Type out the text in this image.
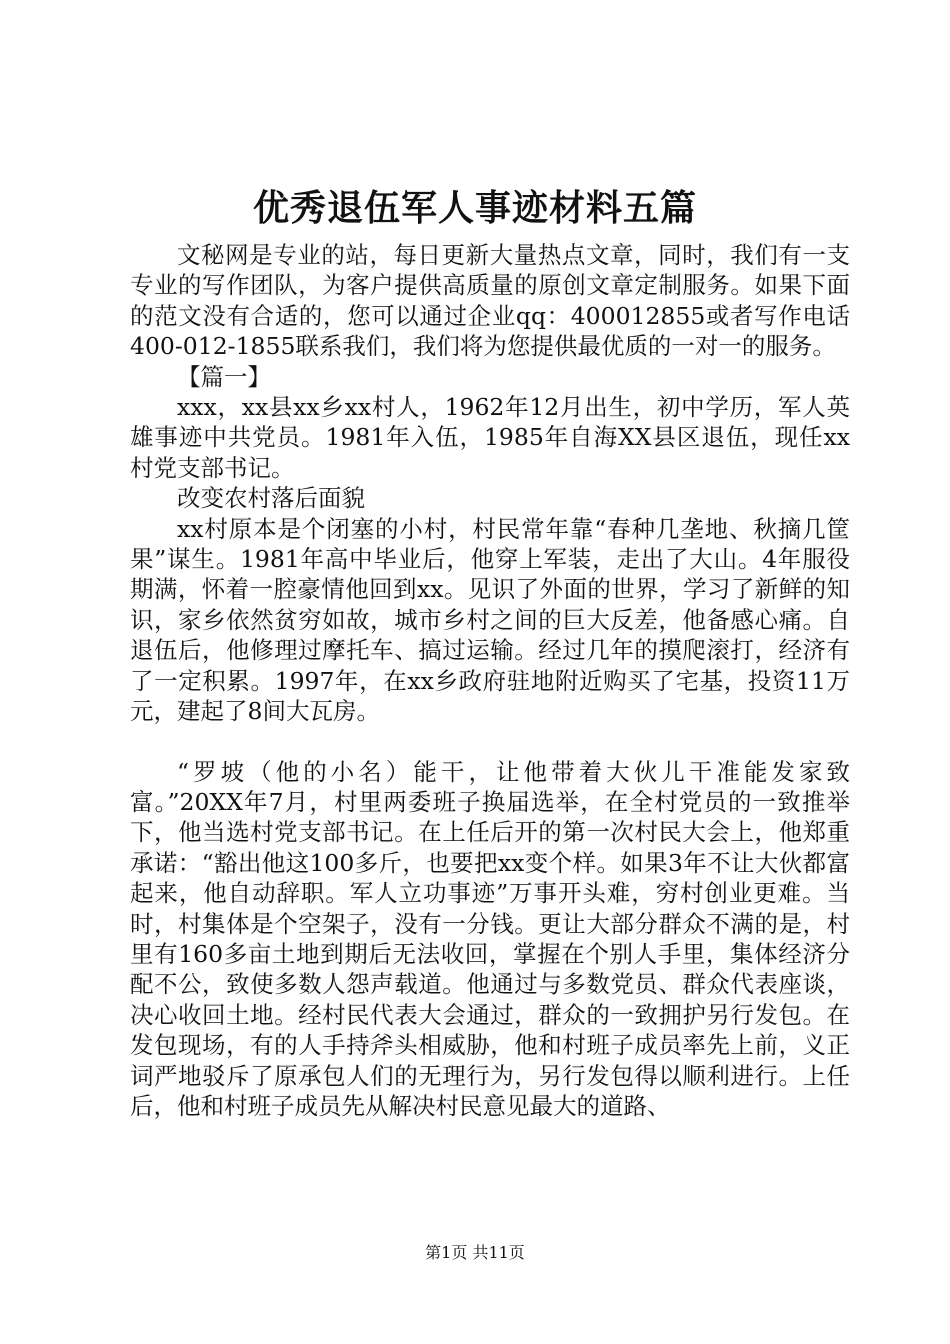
优秀退伍军人事迹材料五篇

文秘网是专业的站，每日更新大量热点文章，同时，我们有一支专业的写作团队，为客户提供高质量的原创文章定制服务。如果下面的范文没有合适的，您可以通过企业qq：400012855或者写作电话400-012-1855联系我们，我们将为您提供最优质的一对一的服务。

【篇一】

xxx，xx县xx乡xx村人，1962年12月出生，初中学历，军人英雄事迹中共党员。1981年入伍，1985年自海XX县区退伍，现任xx村党支部书记。

改变农村落后面貌

xx村原本是个闭塞的小村，村民常年靠“春种几垄地、秋摘几筐果”谋生。1981年高中毕业后，他穿上军装，走出了大山。4年服役期满，怀着一腔豪情他回到xx。见识了外面的世界，学习了新鲜的知识，家乡依然贫穷如故，城市乡村之间的巨大反差，他备感心痛。自退伍后，他修理过摩托车、搞过运输。经过几年的摸爬滚打，经济有了一定积累。1997年，在xx乡政府驻地附近购买了宅基，投资11万元，建起了8间大瓦房。

“罗坡（他的小名）能干，让他带着大伙儿干准能发家致富。”20XX年7月，村里两委班子换届选举，在全村党员的一致推举下，他当选村党支部书记。在上任后开的第一次村民大会上，他郑重承诺：“豁出他这100多斤，也要把xx变个样。如果3年不让大伙都富起来，他自动辞职。军人立功事迹”万事开头难，穷村创业更难。当时，村集体是个空架子，没有一分钱。更让大部分群众不满的是，村里有160多亩土地到期后无法收回，掌握在个别人手里，集体经济分配不公，致使多数人怨声载道。他通过与多数党员、群众代表座谈，决心收回土地。经村民代表大会通过，群众的一致拥护另行发包。在发包现场，有的人手持斧头相威胁，他和村班子成员率先上前，义正词严地驳斥了原承包人们的无理行为，另行发包得以顺利进行。上任后，他和村班子成员先从解决村民意见最大的道路、

第1页 共11页
